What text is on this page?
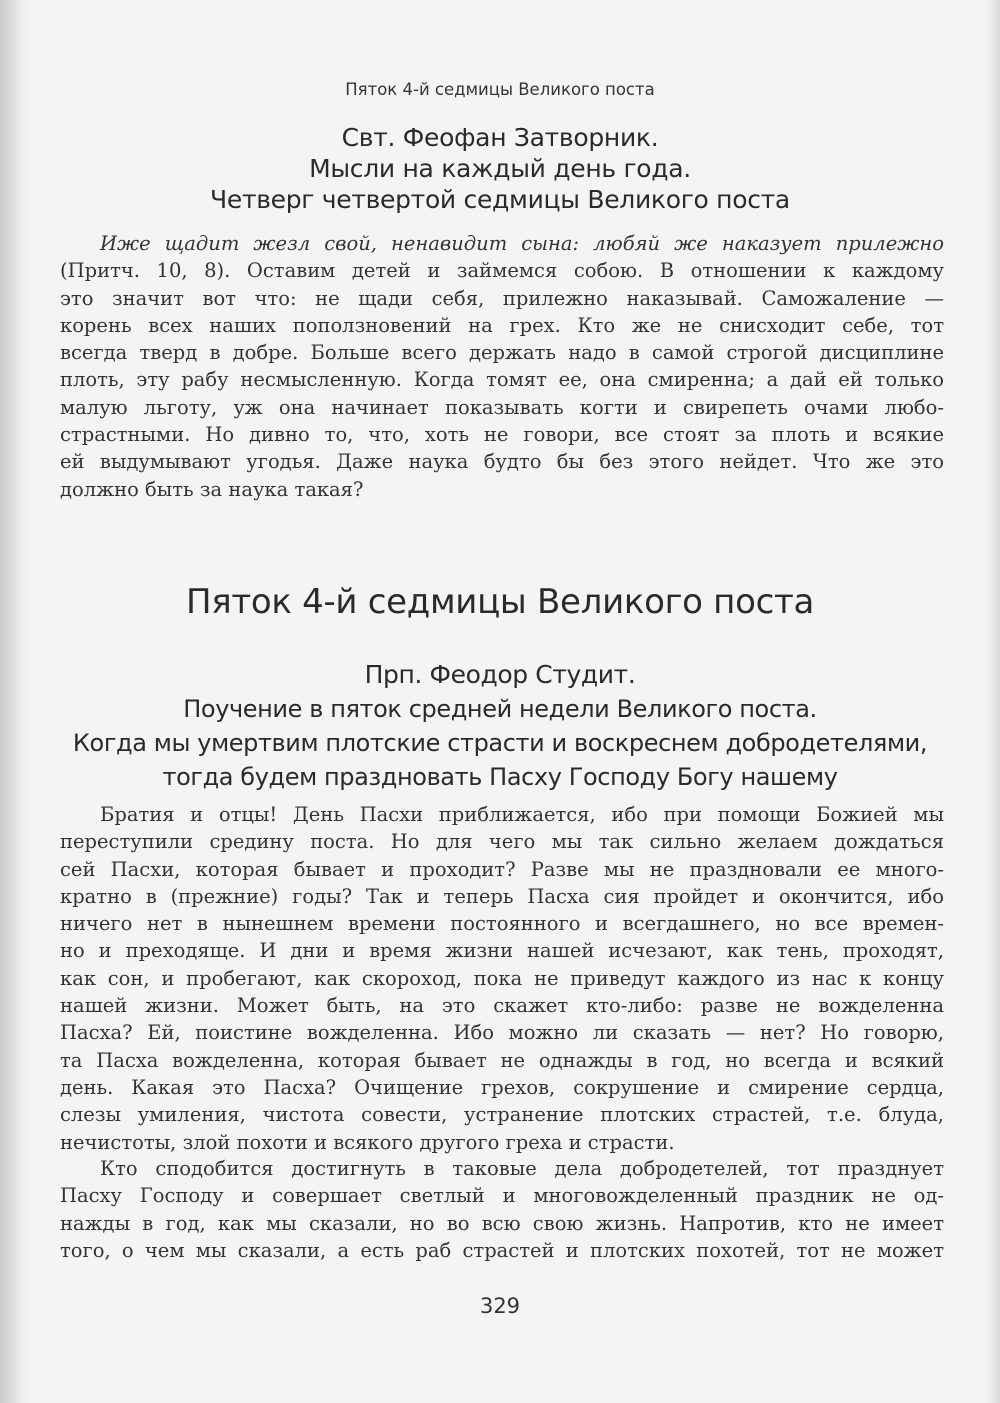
Пяток 4-й седмицы Великого поста
Свт. Феофан Затворник.
Мысли на каждый день года.
Четверг четвертой седмицы Великого поста
Иже щадит жезл свой, ненавидит сына: любяй же наказует прилежно
(Притч. 10, 8). Оставим детей и займемся собою. В отношении к каждому
это значит вот что: не щади себя, прилежно наказывай. Саможаление —
корень всех наших поползновений на грех. Кто же не снисходит себе, тот
всегда тверд в добре. Больше всего держать надо в самой строгой дисциплине
плоть, эту рабу несмысленную. Когда томят ее, она смиренна; а дай ей только
малую льготу, уж она начинает показывать когти и свирепеть очами любо-
страстными. Но дивно то, что, хоть не говори, все стоят за плоть и всякие
ей выдумывают угодья. Даже наука будто бы без этого нейдет. Что же это
должно быть за наука такая?
Пяток 4-й седмицы Великого поста
Прп. Феодор Студит.
Поучение в пяток средней недели Великого поста.
Когда мы умертвим плотские страсти и воскреснем добродетелями,
тогда будем праздновать Пасху Господу Богу нашему
Братия и отцы! День Пасхи приближается, ибо при помощи Божией мы
переступили средину поста. Но для чего мы так сильно желаем дождаться
сей Пасхи, которая бывает и проходит? Разве мы не праздновали ее много-
кратно в (прежние) годы? Так и теперь Пасха сия пройдет и окончится, ибо
ничего нет в нынешнем времени постоянного и всегдашнего, но все времен-
но и преходяще. И дни и время жизни нашей исчезают, как тень, проходят,
как сон, и пробегают, как скороход, пока не приведут каждого из нас к концу
нашей жизни. Может быть, на это скажет кто-либо: разве не вожделенна
Пасха? Ей, поистине вожделенна. Ибо можно ли сказать — нет? Но говорю,
та Пасха вожделенна, которая бывает не однажды в год, но всегда и всякий
день. Какая это Пасха? Очищение грехов, сокрушение и смирение сердца,
слезы умиления, чистота совести, устранение плотских страстей, т.е. блуда,
нечистоты, злой похоти и всякого другого греха и страсти.
Кто сподобится достигнуть в таковые дела добродетелей, тот празднует
Пасху Господу и совершает светлый и многовожделенный праздник не од-
нажды в год, как мы сказали, но во всю свою жизнь. Напротив, кто не имеет
того, о чем мы сказали, а есть раб страстей и плотских похотей, тот не может
329
